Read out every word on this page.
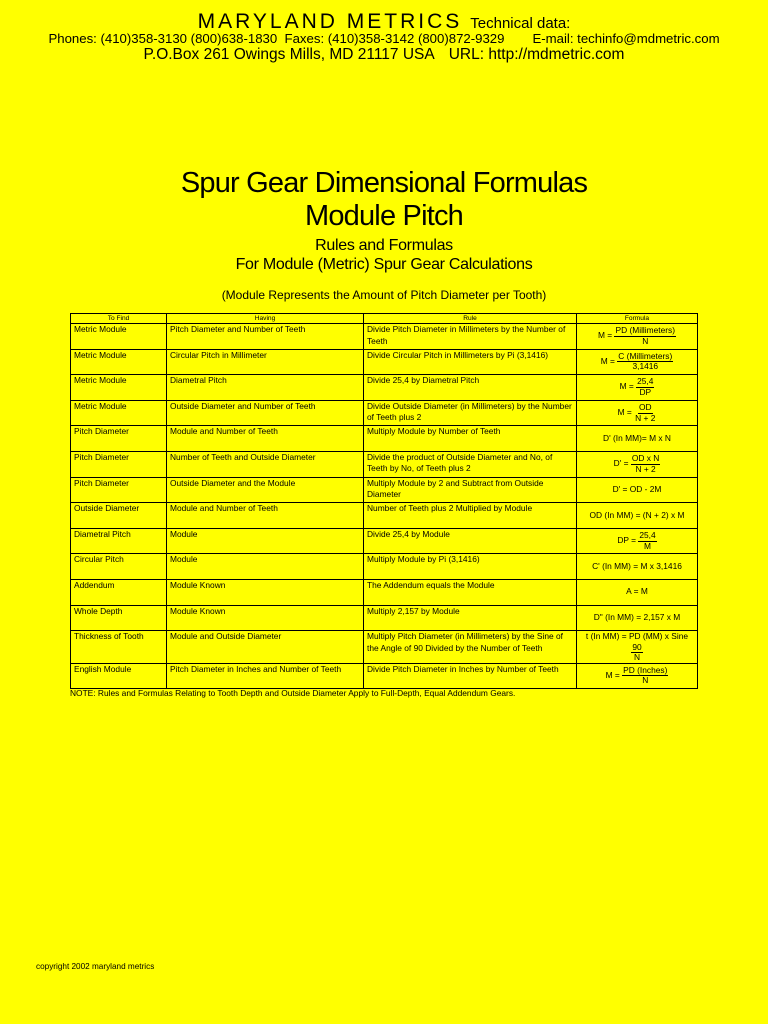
MARYLAND METRICS Technical data:
Phones: (410)358-3130 (800)638-1830 Faxes: (410)358-3142 (800)872-9329 E-mail: techinfo@mdmetric.com
P.O.Box 261 Owings Mills, MD 21117 USA URL: http://mdmetric.com
Spur Gear Dimensional Formulas
Module Pitch
Rules and Formulas
For Module (Metric) Spur Gear Calculations
(Module Represents the Amount of Pitch Diameter per Tooth)
To Find	Having	Rule	Formula
Metric Module	Pitch Diameter and Number of Teeth	Divide Pitch Diameter in Millimeters by the Number of Teeth	M =
PD (Millimeters)
N

Metric Module	Circular Pitch in Millimeter	Divide Circular Pitch in Millimeters by Pi (3,1416)	M =
C (Millimeters)
3,1416

Metric Module	Diametral Pitch	Divide 25,4 by Diametral Pitch	$M = \frac{25,4}{DP}$

Metric Module	Outside Diameter and Number of Teeth	Divide Outside Diameter (in Millimeters) by the Number of Teeth plus 2	$M = \frac{OD}{N + 2}$

Pitch Diameter	Module and Number of Teeth	Multiply Module by Number of Teeth	D' (In MM)= M x N
Pitch Diameter	Number of Teeth and Outside Diameter	Divide the product of Outside Diameter and No, of Teeth by No, of Teeth plus 2	$D' = \frac{\text{OD x N}}{N + 2}$

Pitch Diameter	Outside Diameter and the Module	Multiply Module by 2 and Subtract from Outside Diameter	D' = OD - 2M
Outside Diameter	Module and Number of Teeth	Number of Teeth plus 2 Multiplied by Module	OD (In MM) = (N + 2) x M
Diametral Pitch	Module	Divide 25,4 by Module	DP = $\frac{25,4}{M}$

Circular Pitch	Module	Multiply Module by Pi (3,1416)	C' (In MM) = M x 3,1416
Addendum	Module Known	The Addendum equals the Module	A = M
Whole Depth	Module Known	Multiply 2,157 by Module	D" (In MM) = 2,157 x M
Thickness of Tooth	Module and Outside Diameter	Multiply Pitch Diameter (in Millimeters) by the Sine of the Angle of 90 Divided by the Number of Teeth	t (In MM) = PD (MM) x Sine
$\frac{90}{N}$

English Module	Pitch Diameter in Inches and Number of Teeth	Divide Pitch Diameter in Inches by Number of Teeth	M =
PD (Inches)
N
NOTE: Rules and Formulas Relating to Tooth Depth and Outside Diameter Apply to Full-Depth, Equal Addendum Gears.
copyright 2002 maryland metrics
